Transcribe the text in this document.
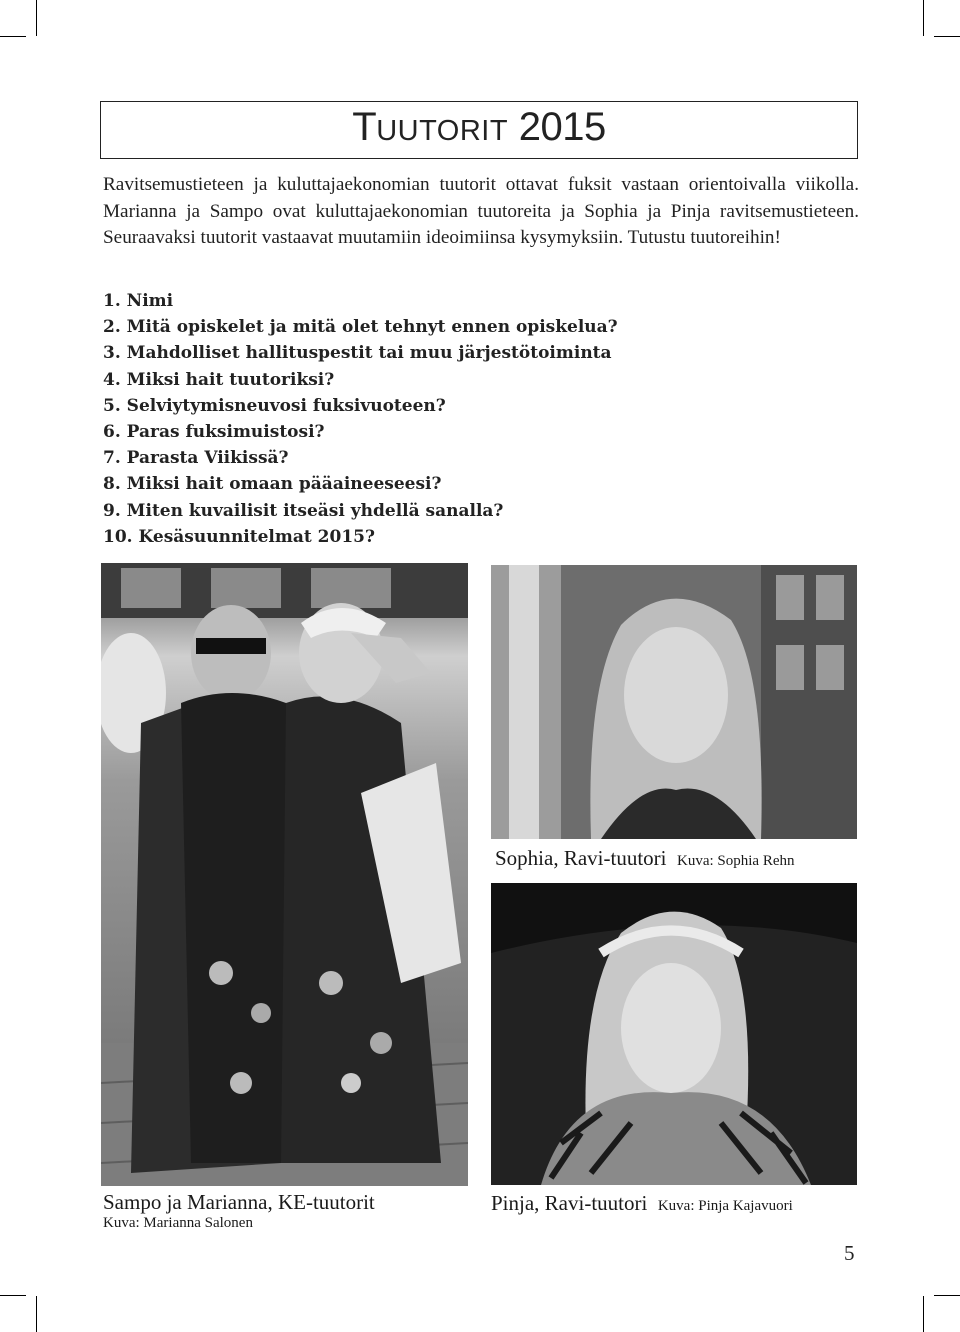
TUUTORIT 2015
Ravitsemustieteen ja kuluttajaekonomian tuutorit ottavat fuksit vastaan orientoivalla viikolla. Marianna ja Sampo ovat kuluttajaekonomian tuutoreita ja Sophia ja Pinja ravitsemustieteen. Seuraavaksi tuutorit vastaavat muutamiin ideoimiinsa kysymyksiin. Tutustu tuutoreihin!
1. Nimi
2. Mitä opiskelet ja mitä olet tehnyt ennen opiskelua?
3. Mahdolliset hallituspestit tai muu järjestötoiminta
4. Miksi hait tuutoriksi?
5. Selviytymisneuvosi fuksivuoteen?
6. Paras fuksimuistosi?
7. Parasta Viikissä?
8. Miksi hait omaan pääaineeseesi?
9. Miten kuvailisit itseäsi yhdellä sanalla?
10. Kesäsuunnitelmat 2015?
Sophia, Ravi-tuutori Kuva: Sophia Rehn
Sampo ja Marianna, KE-tuutorit
Kuva: Marianna Salonen
Pinja, Ravi-tuutori Kuva: Pinja Kajavuori
5
